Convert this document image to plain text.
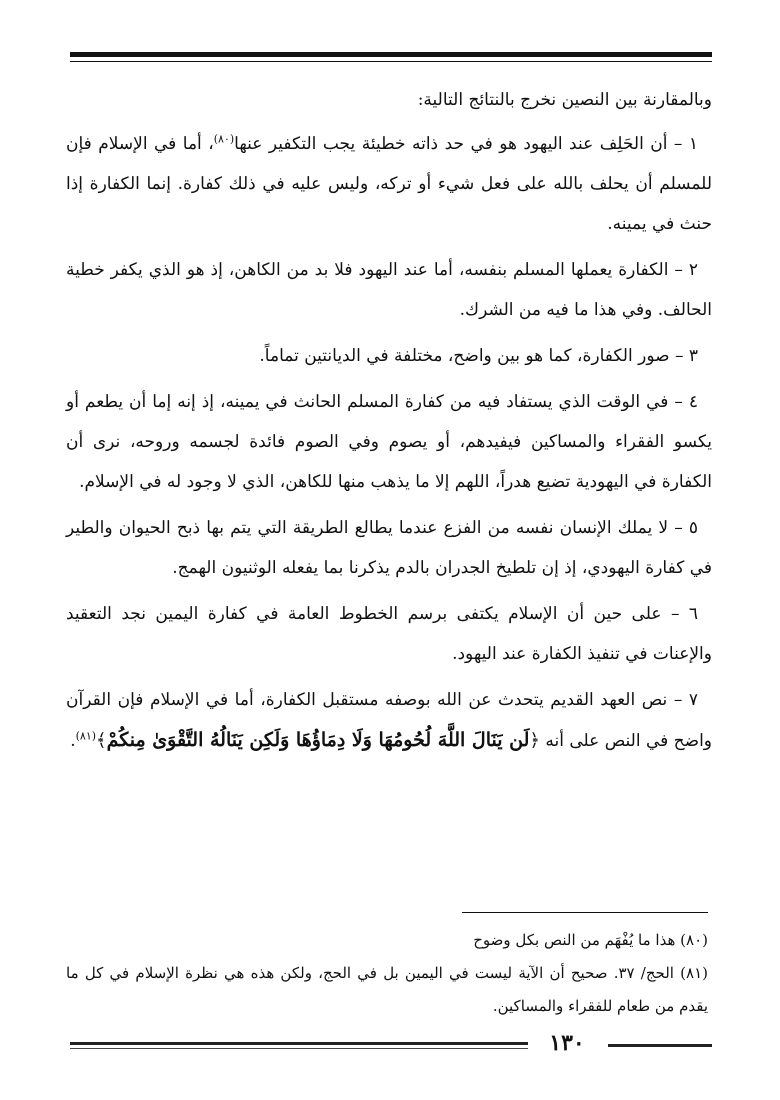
وبالمقارنة بين النصين نخرج بالنتائج التالية:

١ – أن الحَلِف عند اليهود هو في حد ذاته خطيئة يجب التكفير عنها$^{(٨٠)}$، أما في الإسلام فإن للمسلم أن يحلف بالله على فعل شيء أو تركه، وليس عليه في ذلك كفارة. إنما الكفارة إذا حنث في يمينه.

٢ – الكفارة يعملها المسلم بنفسه، أما عند اليهود فلا بد من الكاهن، إذ هو الذي يكفر خطية الحالف. وفي هذا ما فيه من الشرك.

٣ – صور الكفارة، كما هو بين واضح، مختلفة في الديانتين تماماً.

٤ – في الوقت الذي يستفاد فيه من كفارة المسلم الحانث في يمينه، إذ إنه إما أن يطعم أو يكسو الفقراء والمساكين فيفيدهم، أو يصوم وفي الصوم فائدة لجسمه وروحه، نرى أن الكفارة في اليهودية تضيع هدراً، اللهم إلا ما يذهب منها للكاهن، الذي لا وجود له في الإسلام.

٥ – لا يملك الإنسان نفسه من الفزع عندما يطالع الطريقة التي يتم بها ذبح الحيوان والطير في كفارة اليهودي، إذ إن تلطيخ الجدران بالدم يذكرنا بما يفعله الوثنيون الهمج.

٦ – على حين أن الإسلام يكتفى برسم الخطوط العامة في كفارة اليمين نجد التعقيد والإعنات في تنفيذ الكفارة عند اليهود.

٧ – نص العهد القديم يتحدث عن الله بوصفه مستقبل الكفارة، أما في الإسلام فإن القرآن واضح في النص على أنه ﴿لَن يَنَالَ اللَّهَ لُحُومُهَا وَلَا دِمَاؤُهَا وَلَكِن يَنَالُهُ التَّقْوَىٰ مِنكُمْ﴾$^{(٨١)}$.

(٨٠) هذا ما يُفْهَم من النص بكل وضوح

(٨١) الحج/ ٣٧. صحيح أن الآية ليست في اليمين بل في الحج، ولكن هذه هي نظرة الإسلام في كل ما يقدم من طعام للفقراء والمساكين.

١٣٠
